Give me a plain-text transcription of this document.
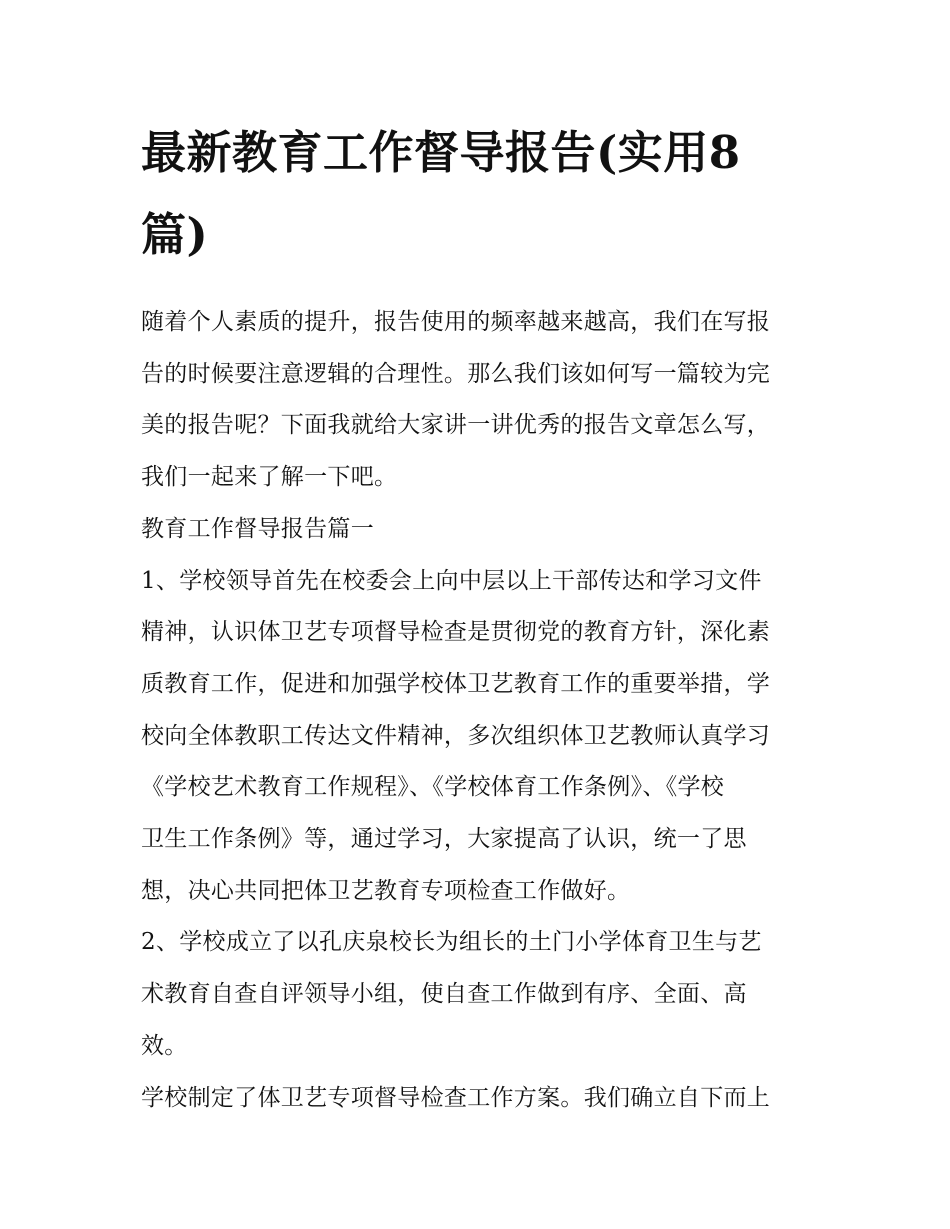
最新教育工作督导报告(实用8
篇)

随着个人素质的提升，报告使用的频率越来越高，我们在写报
告的时候要注意逻辑的合理性。那么我们该如何写一篇较为完
美的报告呢？下面我就给大家讲一讲优秀的报告文章怎么写，
我们一起来了解一下吧。

教育工作督导报告篇一

1、学校领导首先在校委会上向中层以上干部传达和学习文件
精神，认识体卫艺专项督导检查是贯彻党的教育方针，深化素
质教育工作，促进和加强学校体卫艺教育工作的重要举措，学
校向全体教职工传达文件精神，多次组织体卫艺教师认真学习
《学校艺术教育工作规程》、《学校体育工作条例》、《学校
卫生工作条例》等，通过学习，大家提高了认识，统一了思
想，决心共同把体卫艺教育专项检查工作做好。

2、学校成立了以孔庆泉校长为组长的土门小学体育卫生与艺
术教育自查自评领导小组，使自查工作做到有序、全面、高
效。

学校制定了体卫艺专项督导检查工作方案。我们确立自下而上
